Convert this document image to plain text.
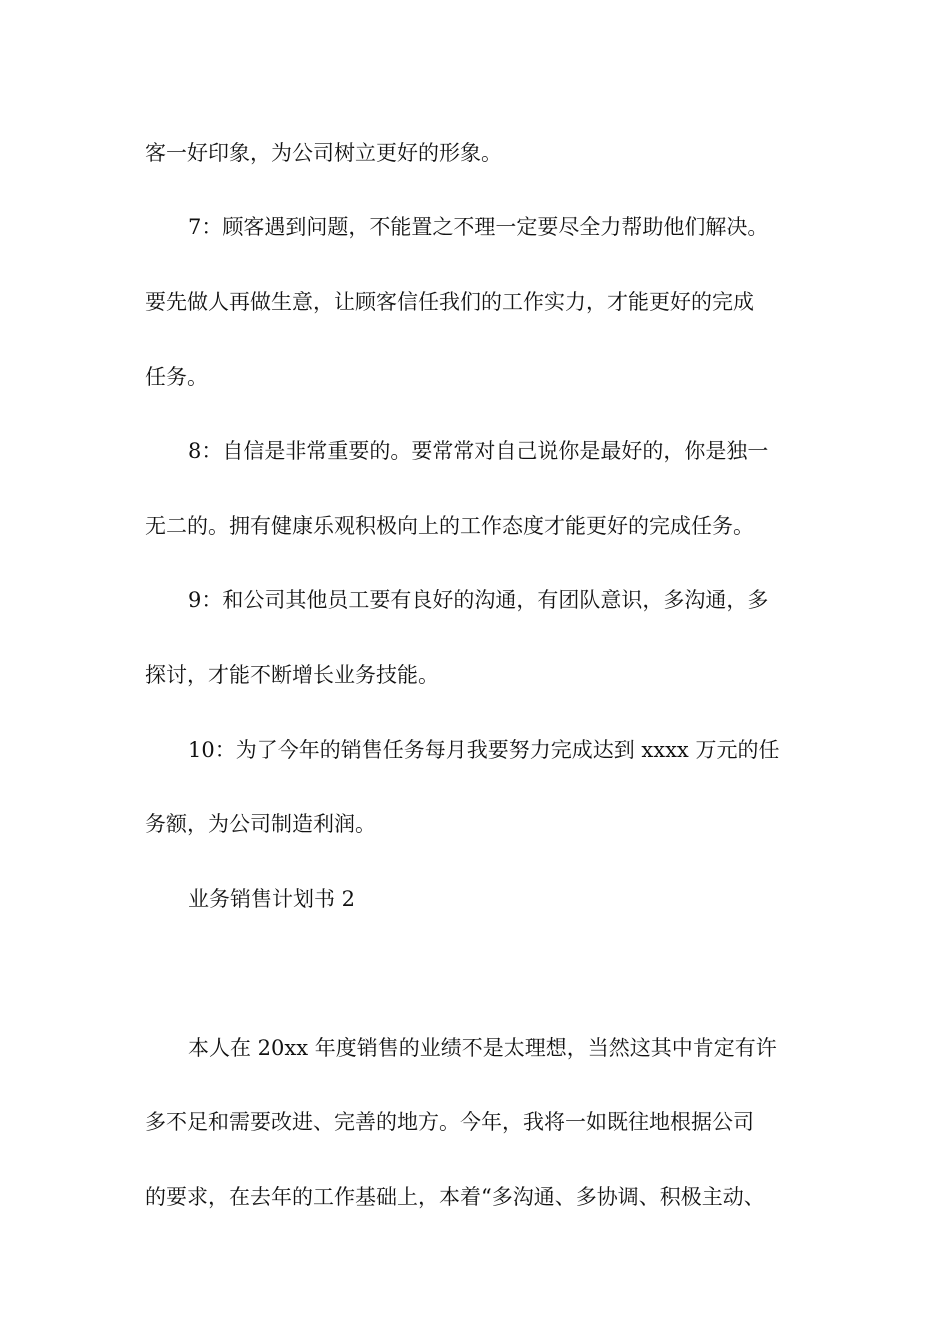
客一好印象，为公司树立更好的形象。
7：顾客遇到问题，不能置之不理一定要尽全力帮助他们解决。
要先做人再做生意，让顾客信任我们的工作实力，才能更好的完成
任务。
8：自信是非常重要的。要常常对自己说你是最好的，你是独一
无二的。拥有健康乐观积极向上的工作态度才能更好的完成任务。
9：和公司其他员工要有良好的沟通，有团队意识，多沟通，多
探讨，才能不断增长业务技能。
10：为了今年的销售任务每月我要努力完成达到 xxxx 万元的任
务额，为公司制造利润。
业务销售计划书 2
本人在 20xx 年度销售的业绩不是太理想，当然这其中肯定有许
多不足和需要改进、完善的地方。今年，我将一如既往地根据公司
的要求，在去年的工作基础上，本着“多沟通、多协调、积极主动、
